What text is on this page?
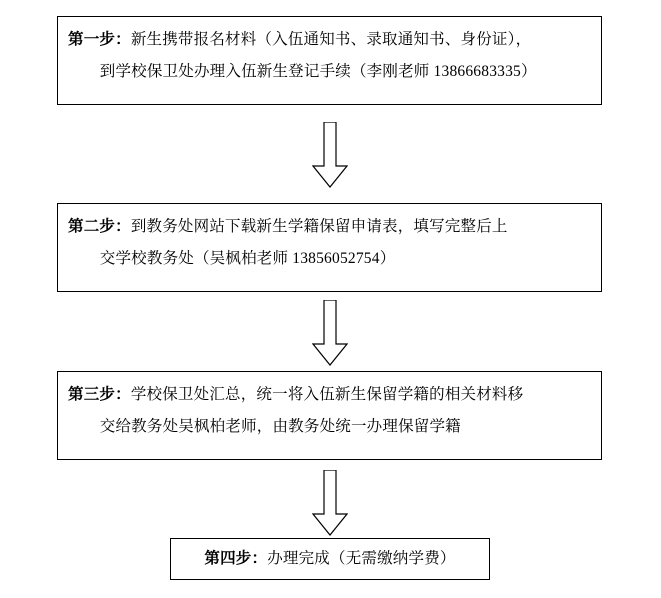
第一步：新生携带报名材料（入伍通知书、录取通知书、身份证），
到学校保卫处办理入伍新生登记手续（李刚老师 13866683335）
第二步：到教务处网站下载新生学籍保留申请表，填写完整后上
交学校教务处（吴枫柏老师 13856052754）
第三步：学校保卫处汇总，统一将入伍新生保留学籍的相关材料移
交给教务处吴枫柏老师，由教务处统一办理保留学籍
第四步：办理完成（无需缴纳学费）
